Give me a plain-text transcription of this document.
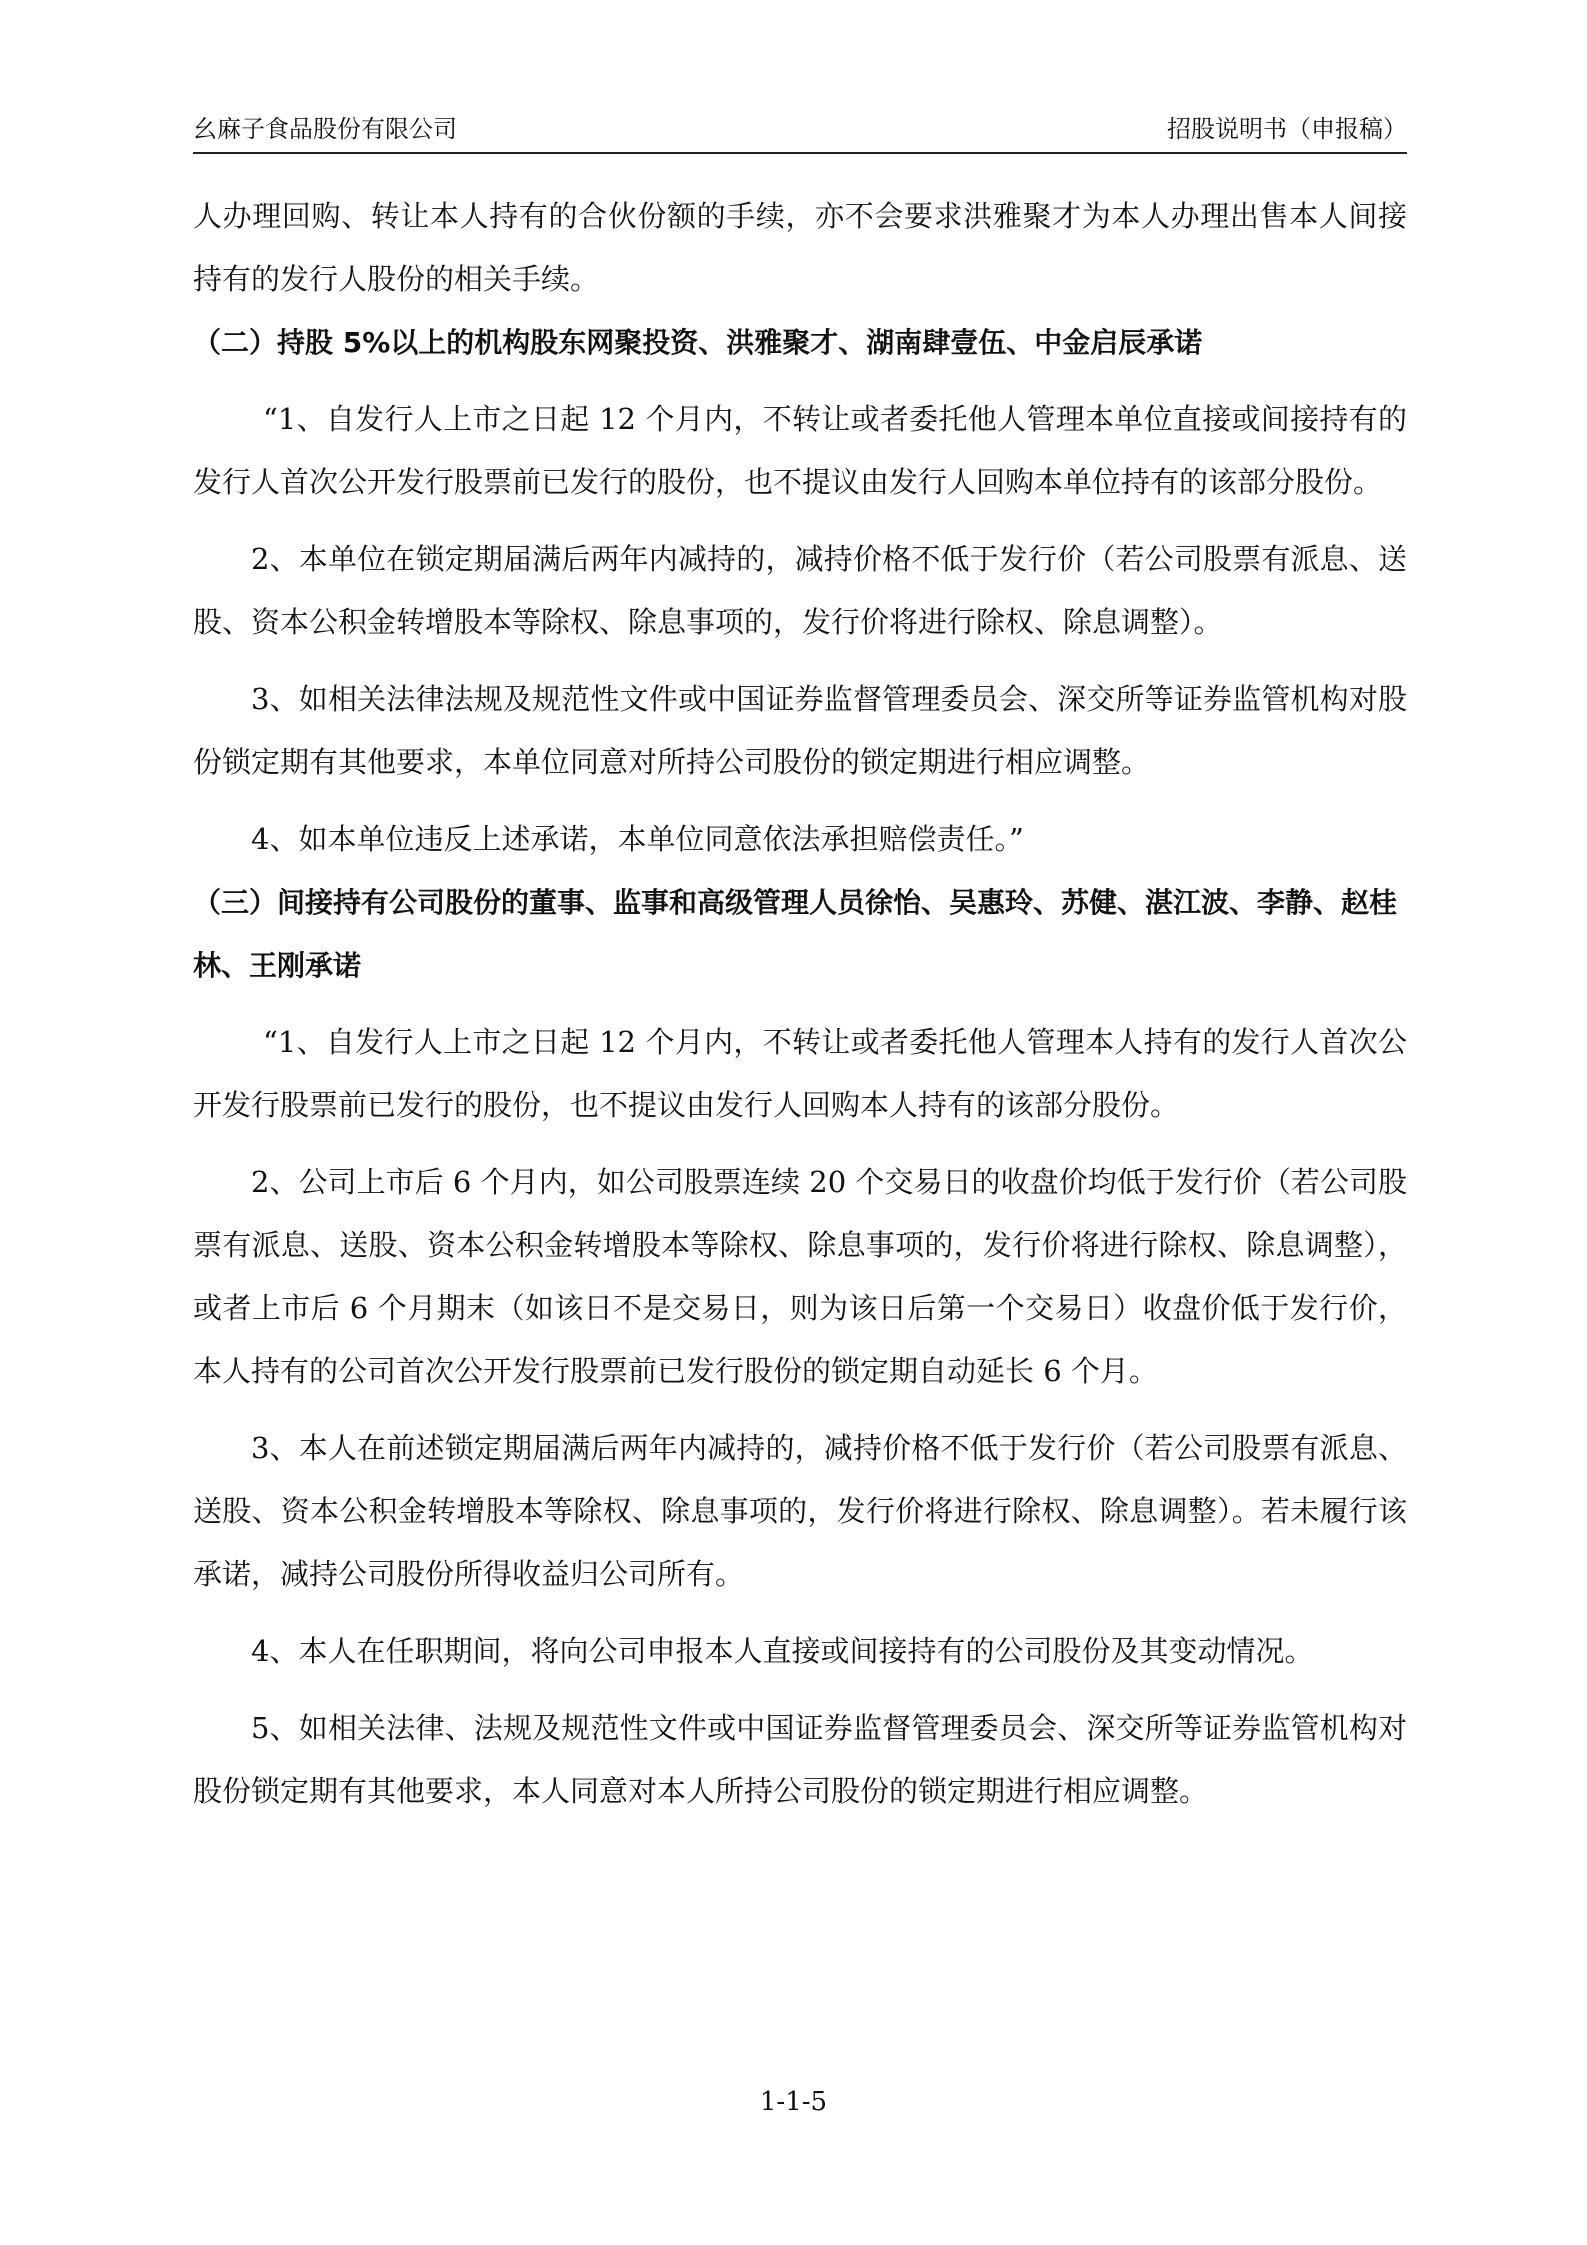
幺麻子食品股份有限公司	招股说明书（申报稿）

人办理回购、转让本人持有的合伙份额的手续，亦不会要求洪雅聚才为本人办理出售本人间接持有的发行人股份的相关手续。

（二）持股 5%以上的机构股东网聚投资、洪雅聚才、湖南肆壹伍、中金启辰承诺

“1、自发行人上市之日起 12 个月内，不转让或者委托他人管理本单位直接或间接持有的发行人首次公开发行股票前已发行的股份，也不提议由发行人回购本单位持有的该部分股份。

2、本单位在锁定期届满后两年内减持的，减持价格不低于发行价（若公司股票有派息、送股、资本公积金转增股本等除权、除息事项的，发行价将进行除权、除息调整）。

3、如相关法律法规及规范性文件或中国证券监督管理委员会、深交所等证券监管机构对股份锁定期有其他要求，本单位同意对所持公司股份的锁定期进行相应调整。

4、如本单位违反上述承诺，本单位同意依法承担赔偿责任。”

（三）间接持有公司股份的董事、监事和高级管理人员徐怡、吴惠玲、苏健、湛江波、李静、赵桂林、王刚承诺

“1、自发行人上市之日起 12 个月内，不转让或者委托他人管理本人持有的发行人首次公开发行股票前已发行的股份，也不提议由发行人回购本人持有的该部分股份。

2、公司上市后 6 个月内，如公司股票连续 20 个交易日的收盘价均低于发行价（若公司股票有派息、送股、资本公积金转增股本等除权、除息事项的，发行价将进行除权、除息调整），或者上市后 6 个月期末（如该日不是交易日，则为该日后第一个交易日）收盘价低于发行价，本人持有的公司首次公开发行股票前已发行股份的锁定期自动延长 6 个月。

3、本人在前述锁定期届满后两年内减持的，减持价格不低于发行价（若公司股票有派息、送股、资本公积金转增股本等除权、除息事项的，发行价将进行除权、除息调整）。若未履行该承诺，减持公司股份所得收益归公司所有。

4、本人在任职期间，将向公司申报本人直接或间接持有的公司股份及其变动情况。

5、如相关法律、法规及规范性文件或中国证券监督管理委员会、深交所等证券监管机构对股份锁定期有其他要求，本人同意对本人所持公司股份的锁定期进行相应调整。

1-1-5
